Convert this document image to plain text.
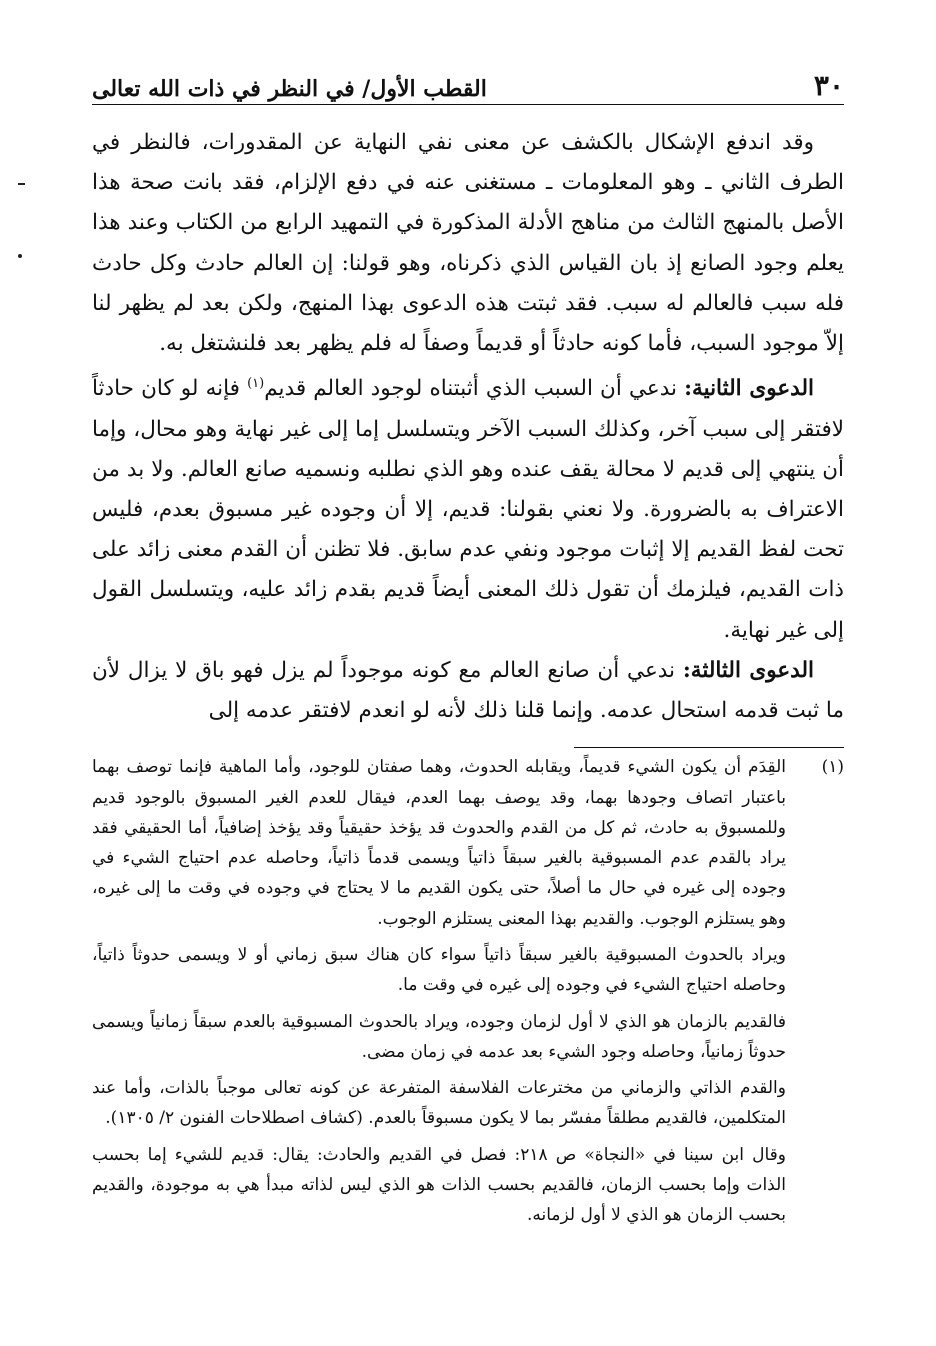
٣٠
القطب الأول/ في النظر في ذات الله تعالى

وقد اندفع الإشكال بالكشف عن معنى نفي النهاية عن المقدورات، فالنظر في الطرف الثاني ـ وهو المعلومات ـ مستغنى عنه في دفع الإلزام، فقد بانت صحة هذا الأصل بالمنهج الثالث من مناهج الأدلة المذكورة في التمهيد الرابع من الكتاب وعند هذا يعلم وجود الصانع إذ بان القياس الذي ذكرناه، وهو قولنا: إن العالم حادث وكل حادث فله سبب فالعالم له سبب. فقد ثبتت هذه الدعوى بهذا المنهج، ولكن بعد لم يظهر لنا إلاّ موجود السبب، فأما كونه حادثاً أو قديماً وصفاً له فلم يظهر بعد فلنشتغل به.

الدعوى الثانية: ندعي أن السبب الذي أثبتناه لوجود العالم قديم$^{(١)}$ فإنه لو كان حادثاً لافتقر إلى سبب آخر، وكذلك السبب الآخر ويتسلسل إما إلى غير نهاية وهو محال، وإما أن ينتهي إلى قديم لا محالة يقف عنده وهو الذي نطلبه ونسميه صانع العالم. ولا بد من الاعتراف به بالضرورة. ولا نعني بقولنا: قديم، إلا أن وجوده غير مسبوق بعدم، فليس تحت لفظ القديم إلا إثبات موجود ونفي عدم سابق. فلا تظنن أن القدم معنى زائد على ذات القديم، فيلزمك أن تقول ذلك المعنى أيضاً قديم بقدم زائد عليه، ويتسلسل القول إلى غير نهاية.

الدعوى الثالثة: ندعي أن صانع العالم مع كونه موجوداً لم يزل فهو باق لا يزال لأن ما ثبت قدمه استحال عدمه. وإنما قلنا ذلك لأنه لو انعدم لافتقر عدمه إلى

(١)
القِدَم أن يكون الشيء قديماً، ويقابله الحدوث، وهما صفتان للوجود، وأما الماهية فإنما توصف بهما باعتبار اتصاف وجودها بهما، وقد يوصف بهما العدم، فيقال للعدم الغير المسبوق بالوجود قديم وللمسبوق به حادث، ثم كل من القدم والحدوث قد يؤخذ حقيقياً وقد يؤخذ إضافياً، أما الحقيقي فقد يراد بالقدم عدم المسبوقية بالغير سبقاً ذاتياً ويسمى قدماً ذاتياً، وحاصله عدم احتياج الشيء في وجوده إلى غيره في حال ما أصلاً، حتى يكون القديم ما لا يحتاج في وجوده في وقت ما إلى غيره، وهو يستلزم الوجوب. والقديم بهذا المعنى يستلزم الوجوب.

ويراد بالحدوث المسبوقية بالغير سبقاً ذاتياً سواء كان هناك سبق زماني أو لا ويسمى حدوثاً ذاتياً، وحاصله احتياج الشيء في وجوده إلى غيره في وقت ما.

فالقديم بالزمان هو الذي لا أول لزمان وجوده، ويراد بالحدوث المسبوقية بالعدم سبقاً زمانياً ويسمى حدوثاً زمانياً، وحاصله وجود الشيء بعد عدمه في زمان مضى.

والقدم الذاتي والزماني من مخترعات الفلاسفة المتفرعة عن كونه تعالى موجباً بالذات، وأما عند المتكلمين، فالقديم مطلقاً مفسّر بما لا يكون مسبوقاً بالعدم. (كشاف اصطلاحات الفنون ٢/ ١٣٠٥).

وقال ابن سينا في «النجاة» ص ٢١٨: فصل في القديم والحادث: يقال: قديم للشيء إما بحسب الذات وإما بحسب الزمان، فالقديم بحسب الذات هو الذي ليس لذاته مبدأ هي به موجودة، والقديم بحسب الزمان هو الذي لا أول لزمانه.
